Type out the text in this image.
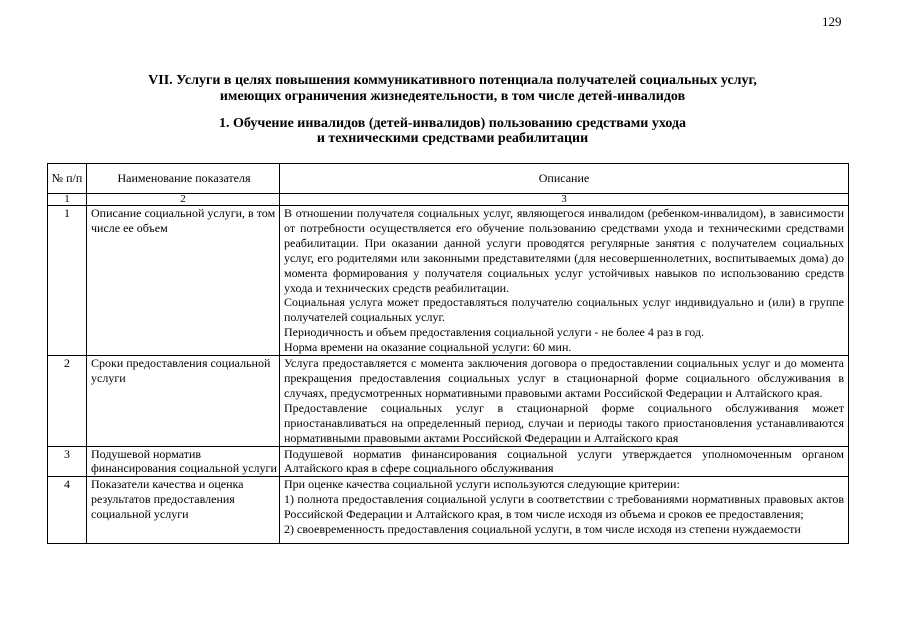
129
VII. Услуги в целях повышения коммуникативного потенциала получателей социальных услуг,
имеющих ограничения жизнедеятельности, в том числе детей-инвалидов
1. Обучение инвалидов (детей-инвалидов) пользованию средствами ухода
и техническими средствами реабилитации
№ п/п	Наименование показателя	Описание
1	2	3
1	Описание социальной услуги, в том числе ее объем	В отношении получателя социальных услуг, являющегося инвалидом (ребенком-инвалидом), в зависимости от потребности осуществляется его обучение пользованию средствами ухода и техническими средствами реабилитации. При оказании данной услуги проводятся регулярные занятия с получателем социальных услуг, его родителями или законными представителями (для несовершеннолетних, воспитываемых дома) до момента формирования у получателя социальных услуг устойчивых навыков по использованию средств ухода и технических средств реабилитации.

Социальная услуга может предоставляться получателю социальных услуг индивидуально и (или) в группе получателей социальных услуг.

Периодичность и объем предоставления социальной услуги - не более 4 раз в год.

Норма времени на оказание социальной услуги: 60 мин.

2	Сроки предоставления социальной услуги	Услуга предоставляется с момента заключения договора о предоставлении социальных услуг и до момента прекращения предоставления социальных услуг в стационарной форме социального обслуживания в случаях, предусмотренных нормативными правовыми актами Российской Федерации и Алтайского края.

Предоставление социальных услуг в стационарной форме социального обслуживания может приостанавливаться на определенный период, случаи и периоды такого приостановления устанавливаются нормативными правовыми актами Российской Федерации и Алтайского края

3	Подушевой норматив финансирования социальной услуги	Подушевой норматив финансирования социальной услуги утверждается уполномоченным органом Алтайского края в сфере социального обслуживания

4	Показатели качества и оценка результатов предоставления социальной услуги	При оценке качества социальной услуги используются следующие критерии:

1) полнота предоставления социальной услуги в соответствии с требованиями нормативных правовых актов Российской Федерации и Алтайского края, в том числе исходя из объема и сроков ее предоставления;

2) своевременность предоставления социальной услуги, в том числе исходя из степени нуждаемости
